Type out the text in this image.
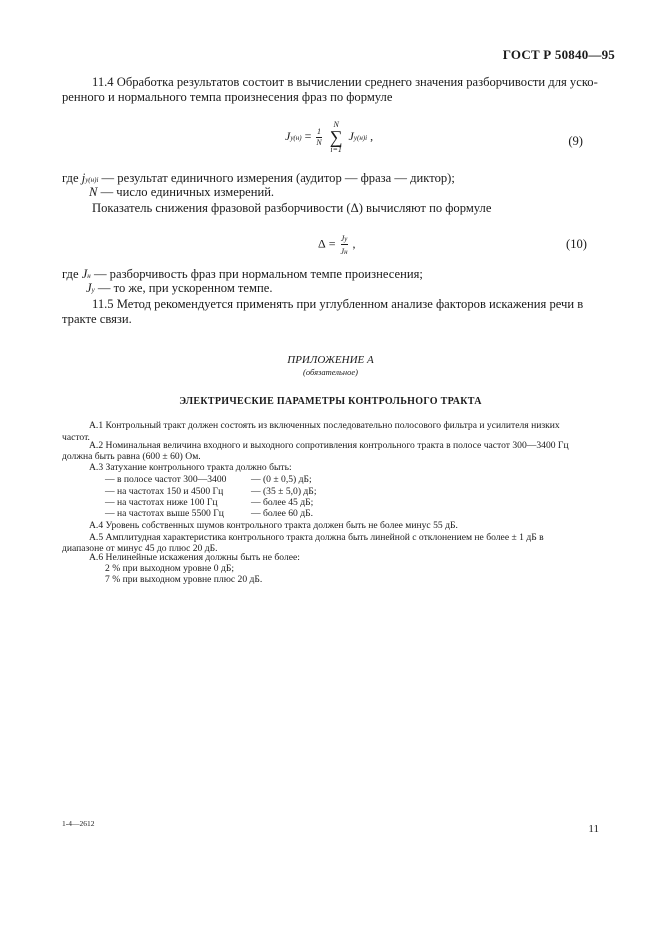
ГОСТ Р 50840—95
11.4 Обработка результатов состоит в вычислении среднего значения разборчивости для уско-
ренного и нормального темпа произнесения фраз по формуле
$Jу(н) = \frac{1}{N}$

N
∑
i=1
Jу(н)i ,	(9)
где jу(н)i — результат единичного измерения (аудитор — фраза — диктор);
N — число единичных измерений.
Показатель снижения фразовой разборчивости (Δ) вычисляют по формуле
$\Delta = \frac{Jу}{Jн}$ ,	(10)
где Jн — разборчивость фраз при нормальном темпе произнесения;
Jу — то же, при ускоренном темпе.
11.5 Метод рекомендуется применять при углубленном анализе факторов искажения речи в
тракте связи.
ПРИЛОЖЕНИЕ А
(обязательное)
ЭЛЕКТРИЧЕСКИЕ ПАРАМЕТРЫ КОНТРОЛЬНОГО ТРАКТА
А.1 Контрольный тракт должен состоять из включенных последовательно полосового фильтра и усилителя низких
частот.
А.2 Номинальная величина входного и выходного сопротивления контрольного тракта в полосе частот 300—3400 Гц
должна быть равна (600 ± 60) Ом.
А.3 Затухание контрольного тракта должно быть:
— в полосе частот 300—3400	— (0 ± 0,5) дБ;
— на частотах 150 и 4500 Гц	— (35 ± 5,0) дБ;
— на частотах ниже 100 Гц	— более 45 дБ;
— на частотах выше 5500 Гц	— более 60 дБ.
А.4 Уровень собственных шумов контрольного тракта должен быть не более минус 55 дБ.
А.5 Амплитудная характеристика контрольного тракта должна быть линейной с отклонением не более ± 1 дБ в
диапазоне от минус 45 до плюс 20 дБ.
А.6 Нелинейные искажения должны быть не более:
2 % при выходном уровне 0 дБ;
7 % при выходном уровне плюс 20 дБ.
1-4—2612	11
